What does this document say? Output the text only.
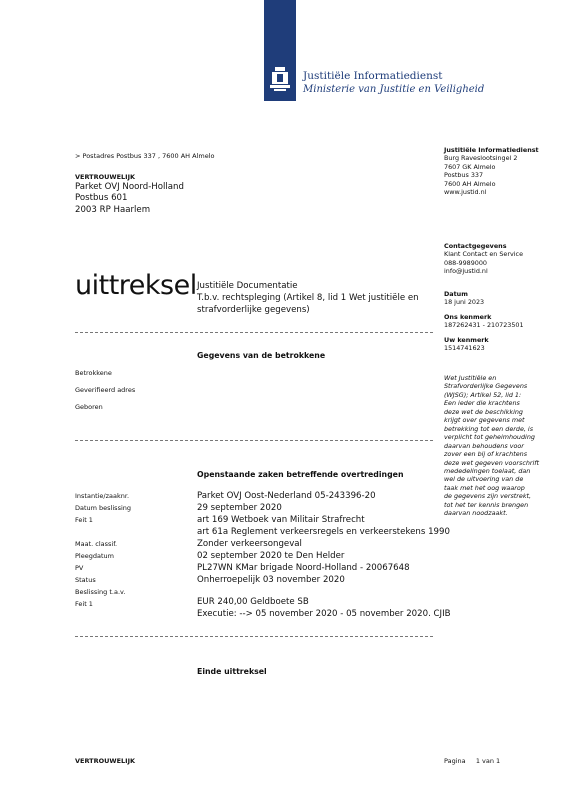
Justitiële Informatiedienst
Ministerie van Justitie en Veiligheid
> Postadres Postbus 337 , 7600 AH Almelo
VERTROUWELIJK
Parket OVJ Noord-Holland
Postbus 601
2003 RP Haarlem
Justitiële Informatiedienst
Burg Raveslootsingel 2
7607 GK Almelo
Postbus 337
7600 AH Almelo
www.justid.nl
Contactgegevens
Klant Contact en Service
088-9989000
info@justid.nl
Datum
18 juni 2023
Ons kenmerk
187262431 - 210723501
Uw kenmerk
1514741623
Wet Justitiële en
Strafvorderlijke Gegevens
(WJSG); Artikel 52, lid 1:
Een ieder die krachtens
deze wet de beschikking
krijgt over gegevens met
betrekking tot een derde, is
verplicht tot geheimhouding
daarvan behoudens voor
zover een bij of krachtens
deze wet gegeven voorschrift
mededelingen toelaat, dan
wel de uitvoering van de
taak met het oog waarop
de gegevens zijn verstrekt,
tot het ter kennis brengen
daarvan noodzaakt.
uittreksel Justitiële Documentatie
T.b.v. rechtspleging (Artikel 8, lid 1 Wet justitiële en
strafvorderlijke gegevens)
Gegevens van de betrokkene
Betrokkene
Geverifieerd adres
Geboren
Openstaande zaken betreffende overtredingen
Instantie/zaaknr.
Datum beslissing
Feit 1
Maat. classif.
Pleegdatum
PV
Status
Beslissing t.a.v.
Feit 1
Parket OVJ Oost-Nederland 05-243396-20
29 september 2020
art 169 Wetboek van Militair Strafrecht
art 61a Reglement verkeersregels en verkeerstekens 1990
Zonder verkeersongeval
02 september 2020 te Den Helder
PL27WN KMar brigade Noord-Holland - 20067648
Onherroepelijk 03 november 2020
EUR 240,00 Geldboete SB
Executie: --> 05 november 2020 - 05 november 2020. CJIB
Einde uittreksel
VERTROUWELIJK	Pagina 1 van 1
